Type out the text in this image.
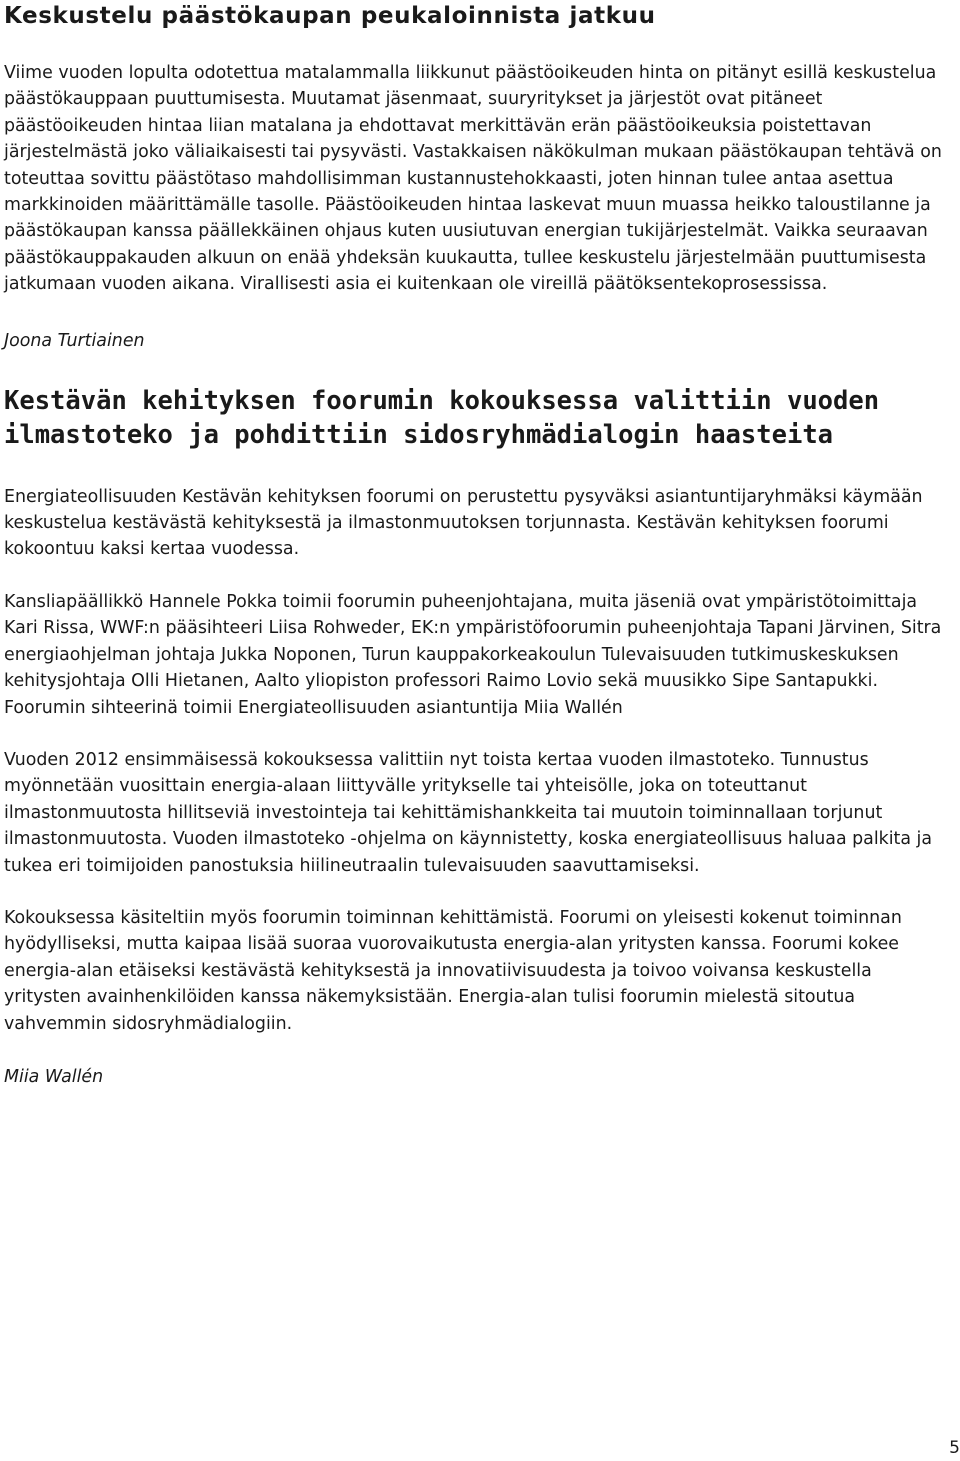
Keskustelu päästökaupan peukaloinnista jatkuu

Viime vuoden lopulta odotettua matalammalla liikkunut päästöoikeuden hinta on pitänyt esillä keskustelua päästökauppaan puuttumisesta. Muutamat jäsenmaat, suuryritykset ja järjestöt ovat pitäneet päästöoikeuden hintaa liian matalana ja ehdottavat merkittävän erän päästöoikeuksia poistettavan järjestelmästä joko väliaikaisesti tai pysyvästi. Vastakkaisen näkökulman mukaan päästökaupan tehtävä on toteuttaa sovittu päästötaso mahdollisimman kustannustehokkaasti, joten hinnan tulee antaa asettua markkinoiden määrittämälle tasolle. Päästöoikeuden hintaa laskevat muun muassa heikko taloustilanne ja päästökaupan kanssa päällekkäinen ohjaus kuten uusiutuvan energian tukijärjestelmät. Vaikka seuraavan päästökauppakauden alkuun on enää yhdeksän kuukautta, tullee keskustelu järjestelmään puuttumisesta jatkumaan vuoden aikana. Virallisesti asia ei kuitenkaan ole vireillä päätöksentekoprosessissa.

Joona Turtiainen

Kestävän kehityksen foorumin kokouksessa valittiin vuoden ilmastoteko ja pohdittiin sidosryhmädialogin haasteita

Energiateollisuuden Kestävän kehityksen foorumi on perustettu pysyväksi asiantuntijaryhmäksi käymään keskustelua kestävästä kehityksestä ja ilmastonmuutoksen torjunnasta. Kestävän kehityksen foorumi kokoontuu kaksi kertaa vuodessa.

Kansliapäällikkö Hannele Pokka toimii foorumin puheenjohtajana, muita jäseniä ovat ympäristötoimittaja Kari Rissa, WWF:n pääsihteeri Liisa Rohweder, EK:n ympäristöfoorumin puheenjohtaja Tapani Järvinen, Sitra energiaohjelman johtaja Jukka Noponen, Turun kauppakorkeakoulun Tulevaisuuden tutkimuskeskuksen kehitysjohtaja Olli Hietanen, Aalto yliopiston professori Raimo Lovio sekä muusikko Sipe Santapukki. Foorumin sihteerinä toimii Energiateollisuuden asiantuntija Miia Wallén

Vuoden 2012 ensimmäisessä kokouksessa valittiin nyt toista kertaa vuoden ilmastoteko. Tunnustus myönnetään vuosittain energia-alaan liittyvälle yritykselle tai yhteisölle, joka on toteuttanut ilmastonmuutosta hillitseviä investointeja tai kehittämishankkeita tai muutoin toiminnallaan torjunut ilmastonmuutosta. Vuoden ilmastoteko -ohjelma on käynnistetty, koska energiateollisuus haluaa palkita ja tukea eri toimijoiden panostuksia hiilineutraalin tulevaisuuden saavuttamiseksi.

Kokouksessa käsiteltiin myös foorumin toiminnan kehittämistä. Foorumi on yleisesti kokenut toiminnan hyödylliseksi, mutta kaipaa lisää suoraa vuorovaikutusta energia-alan yritysten kanssa. Foorumi kokee energia-alan etäiseksi kestävästä kehityksestä ja innovatiivisuudesta ja toivoo voivansa keskustella yritysten avainhenkilöiden kanssa näkemyksistään. Energia-alan tulisi foorumin mielestä sitoutua vahvemmin sidosryhmädialogiin.

Miia Wallén

5
